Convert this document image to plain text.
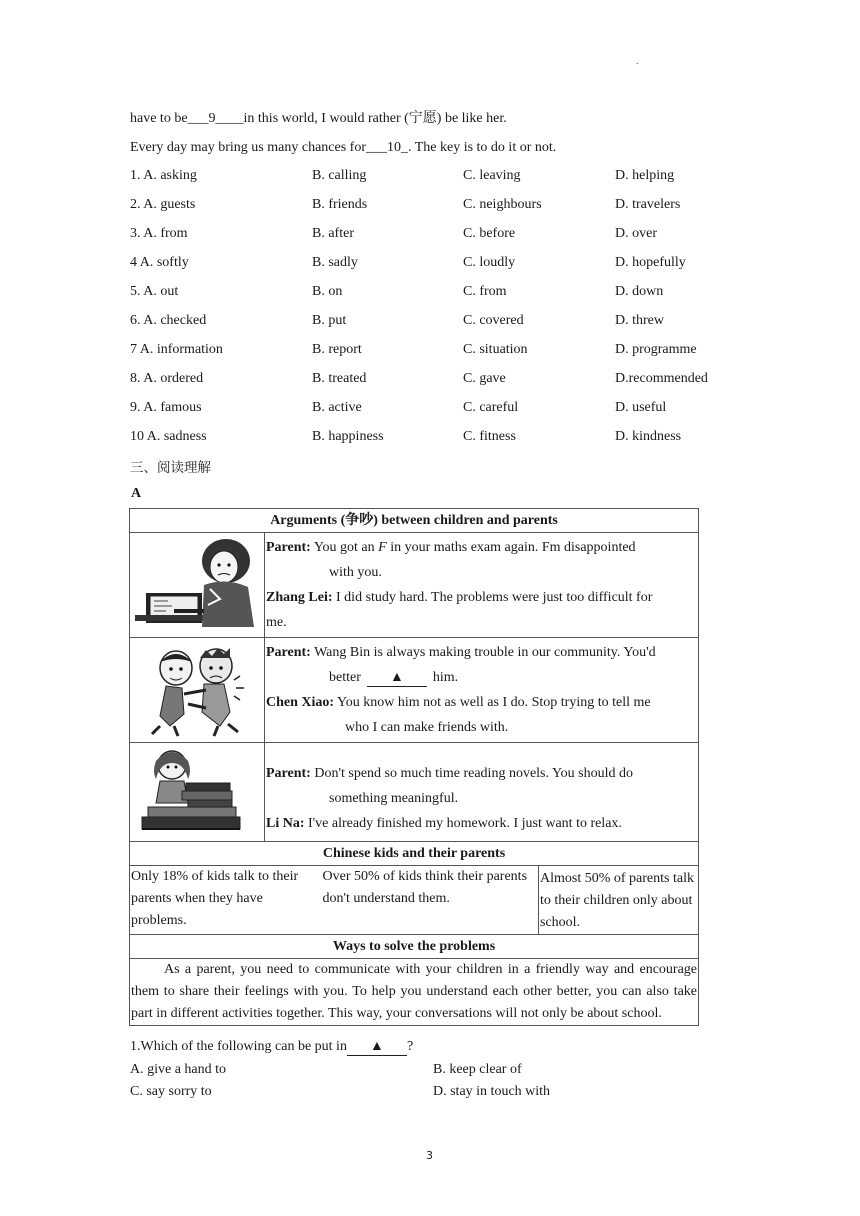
.
have to be___9____in this world, I would rather (宁愿) be like her.
Every day may bring us many chances for___10_. The key is to do it or not.
1. A. asking	B. calling	C. leaving	D. helping
2. A. guests	B. friends	C. neighbours	D. travelers
3. A. from	B. after	C. before	D. over
4 A. softly	B. sadly	C. loudly	D. hopefully
5. A. out	B. on	C. from	D. down
6. A. checked	B. put	C. covered	D. threw
7 A. information	B. report	C. situation	D. programme
8. A. ordered	B. treated	C. gave	D.recommended
9. A. famous	B. active	C. careful	D. useful
10 A. sadness	B. happiness	C. fitness	D. kindness
三、阅读理解
A
Arguments (争吵) between children and parents		

Parent: You got an F in your maths exam again. Fm disappointed

with you.

Zhang Lei: I did study hard. The problems were just too difficult for

me.	

Parent: Wang Bin is always making trouble in our community. You'd

better ▲ him.

Chen Xiao: You know him not as well as I do. Stop trying to tell me

who I can make friends with.	

Parent: Don't spend so much time reading novels. You should do

something meaningful.

Li Na: I've already finished my homework. I just want to relax.	

Chinese kids and their parents		

Only 18% of kids talk to their parents when they have problems.	Over 50% of kids think their parents don't understand them.	Almost 50% of parents talk to their children only about school.

Ways to solve the problems		
As a parent, you need to communicate with your children in a friendly way and encourage them to share their feelings with you. To help you understand each other better, you can also take part in different activities together. This way, your conversations will not only be about school.		
1.Which of the following can be put in ▲ ?
A. give a hand to	B. keep clear of
C. say sorry to	D. stay in touch with
3
